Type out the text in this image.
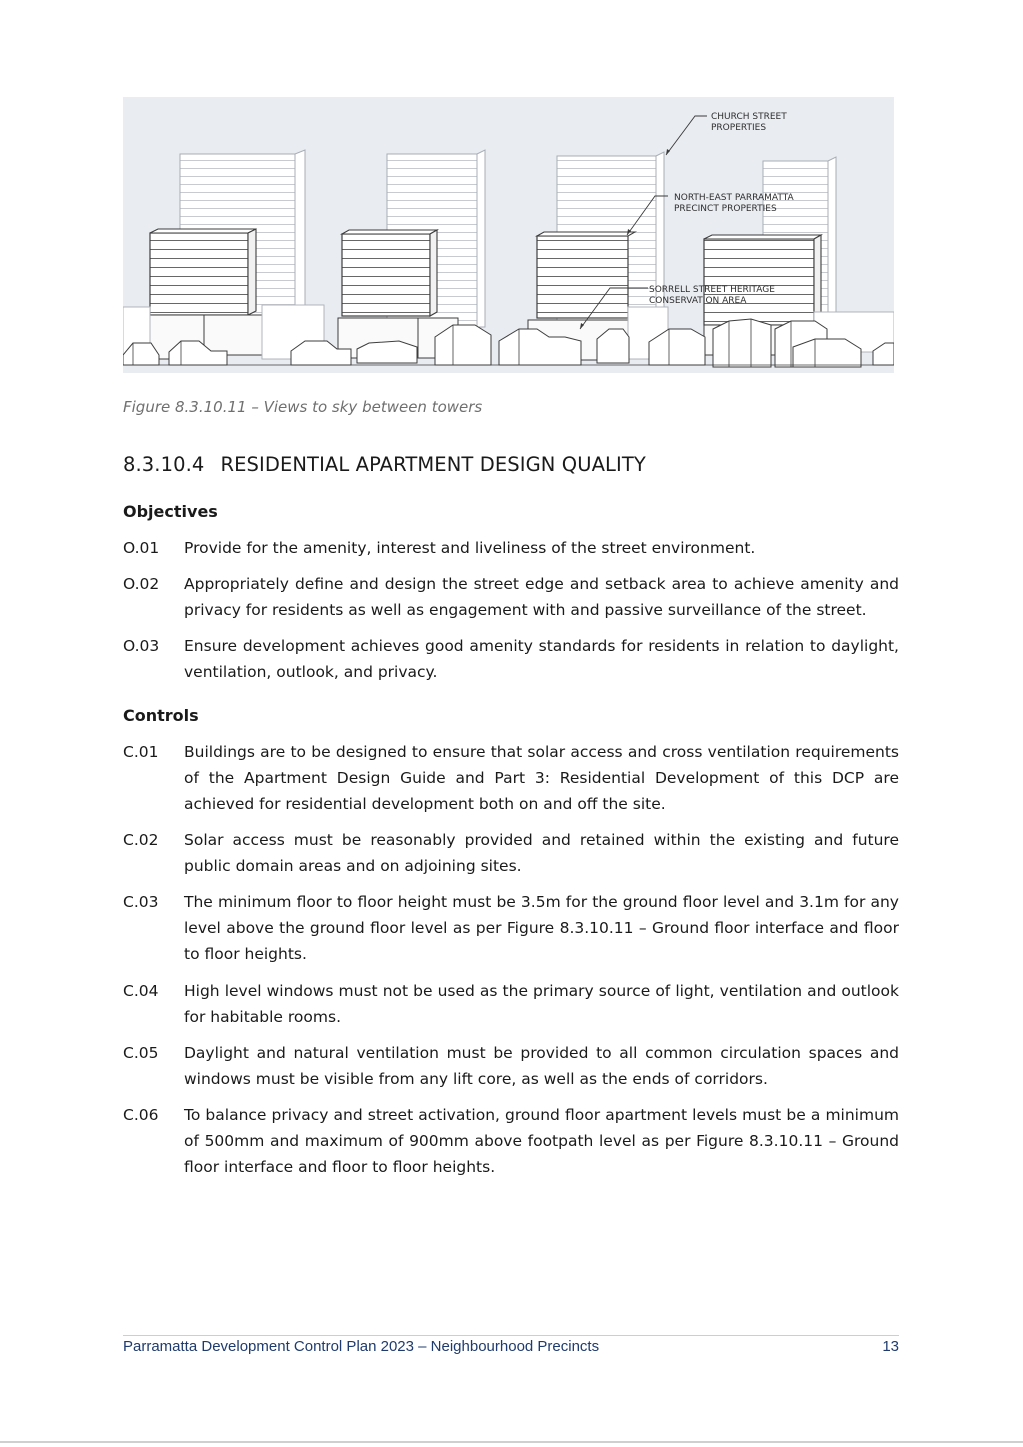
CHURCH STREET
PROPERTIES
NORTH-EAST PARRAMATTA
PRECINCT PROPERTIES
SORRELL STREET HERITAGE
CONSERVATION AREA
Figure 8.3.10.11 – Views to sky between towers
8.3.10.4 RESIDENTIAL APARTMENT DESIGN QUALITY
Objectives
O.01	Provide for the amenity, interest and liveliness of the street environment.
O.02	Appropriately define and design the street edge and setback area to achieve amenity and privacy for residents as well as engagement with and passive surveillance of the street.
O.03	Ensure development achieves good amenity standards for residents in relation to daylight, ventilation, outlook, and privacy.
Controls
C.01	Buildings are to be designed to ensure that solar access and cross ventilation requirements of the Apartment Design Guide and Part 3: Residential Development of this DCP are achieved for residential development both on and off the site.
C.02	Solar access must be reasonably provided and retained within the existing and future public domain areas and on adjoining sites.
C.03	The minimum floor to floor height must be 3.5m for the ground floor level and 3.1m for any level above the ground floor level as per Figure 8.3.10.11 – Ground floor interface and floor to floor heights.
C.04	High level windows must not be used as the primary source of light, ventilation and outlook for habitable rooms.
C.05	Daylight and natural ventilation must be provided to all common circulation spaces and windows must be visible from any lift core, as well as the ends of corridors.
C.06	To balance privacy and street activation, ground floor apartment levels must be a minimum of 500mm and maximum of 900mm above footpath level as per Figure 8.3.10.11 – Ground floor interface and floor to floor heights.
Parramatta Development Control Plan 2023 – Neighbourhood Precincts	13
